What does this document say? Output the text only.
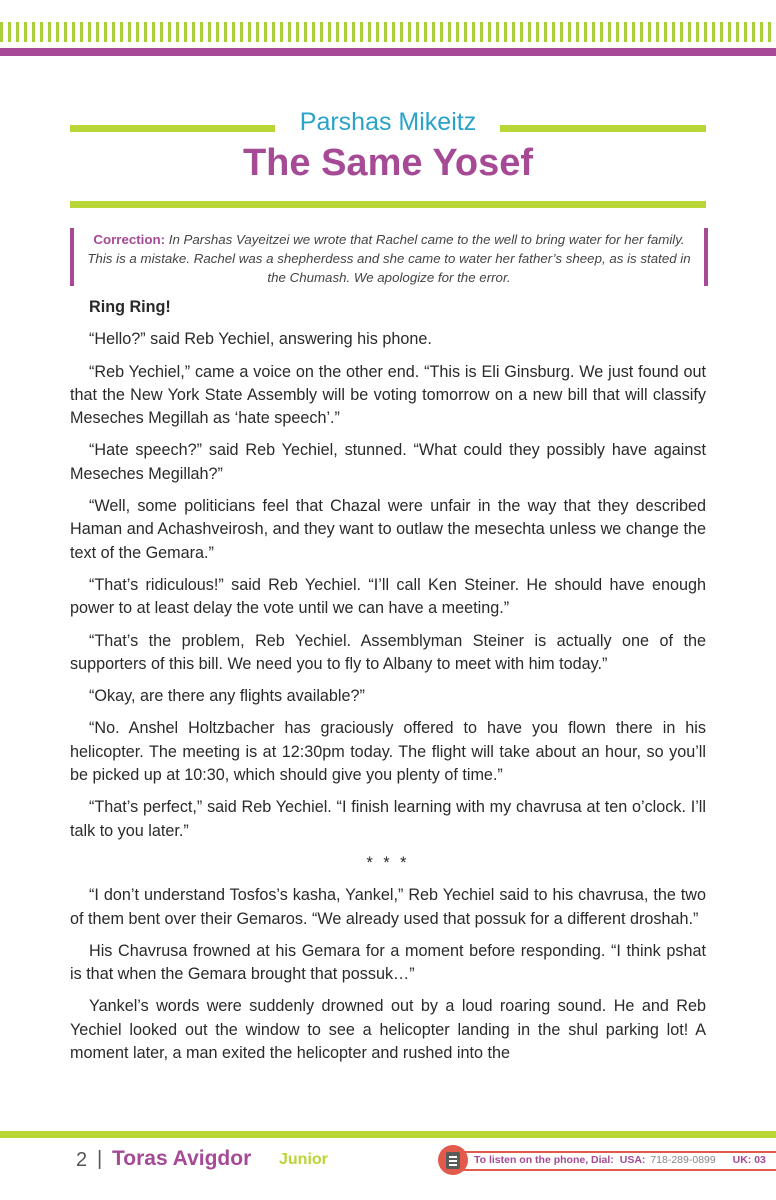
Parshas Mikeitz
The Same Yosef
Correction: In Parshas Vayeitzei we wrote that Rachel came to the well to bring water for her family. This is a mistake. Rachel was a shepherdess and she came to water her father’s sheep, as is stated in the Chumash. We apologize for the error.

Ring Ring!

“Hello?” said Reb Yechiel, answering his phone.

“Reb Yechiel,” came a voice on the other end. “This is Eli Ginsburg. We just found out that the New York State Assembly will be voting tomorrow on a new bill that will classify Meseches Megillah as ‘hate speech’.”

“Hate speech?” said Reb Yechiel, stunned. “What could they possibly have against Meseches Megillah?”

“Well, some politicians feel that Chazal were unfair in the way that they described Haman and Achashveirosh, and they want to outlaw the mesechta unless we change the text of the Gemara.”

“That’s ridiculous!” said Reb Yechiel. “I’ll call Ken Steiner. He should have enough power to at least delay the vote until we can have a meeting.”

“That’s the problem, Reb Yechiel. Assemblyman Steiner is actually one of the supporters of this bill. We need you to fly to Albany to meet with him today.”

“Okay, are there any flights available?”

“No. Anshel Holtzbacher has graciously offered to have you flown there in his helicopter. The meeting is at 12:30pm today. The flight will take about an hour, so you’ll be picked up at 10:30, which should give you plenty of time.”

“That’s perfect,” said Reb Yechiel. “I finish learning with my chavrusa at ten o’clock. I’ll talk to you later.”

* * *

“I don’t understand Tosfos’s kasha, Yankel,” Reb Yechiel said to his chavrusa, the two of them bent over their Gemaros. “We already used that possuk for a different droshah.”

His Chavrusa frowned at his Gemara for a moment before responding. “I think pshat is that when the Gemara brought that possuk…”

Yankel’s words were suddenly drowned out by a loud roaring sound. He and Reb Yechiel looked out the window to see a helicopter landing in the shul parking lot! A moment later, a man exited the helicopter and rushed into the

2 | Toras Avigdor Junior	To listen on the phone, Dial: USA: 718-289-0899 UK: 03
